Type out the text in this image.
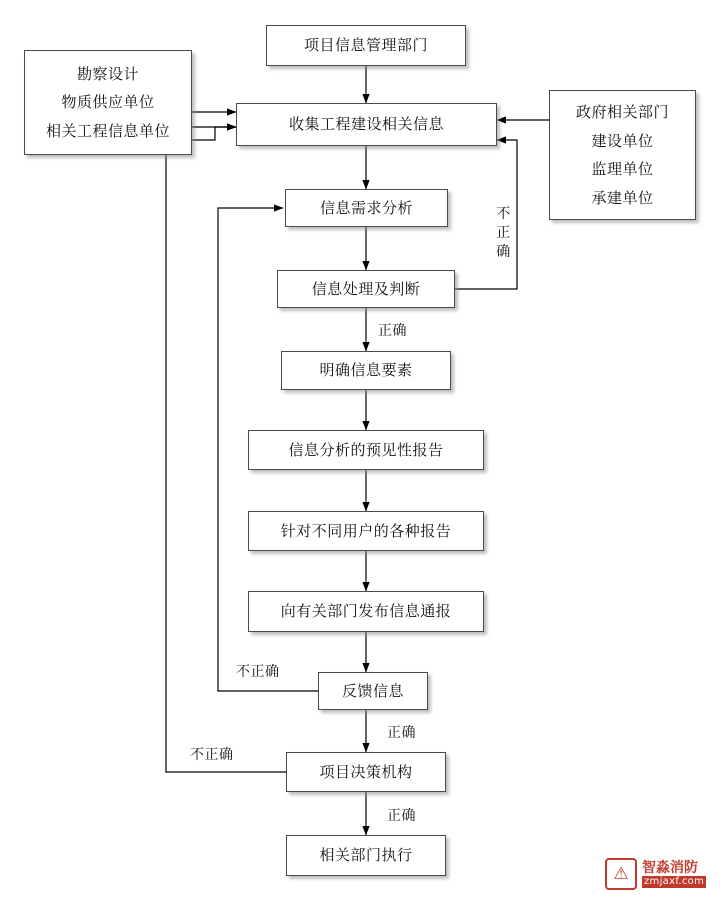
项目信息管理部门
勘察设计
物质供应单位
相关工程信息单位
政府相关部门
建设单位
监理单位
承建单位
收集工程建设相关信息
信息需求分析
信息处理及判断
明确信息要素
信息分析的预见性报告
针对不同用户的各种报告
向有关部门发布信息通报
反馈信息
项目决策机构
相关部门执行
不正确
正确
不正确
正确
不正确
正确
⚠ 智淼消防
zmjaxf.com
